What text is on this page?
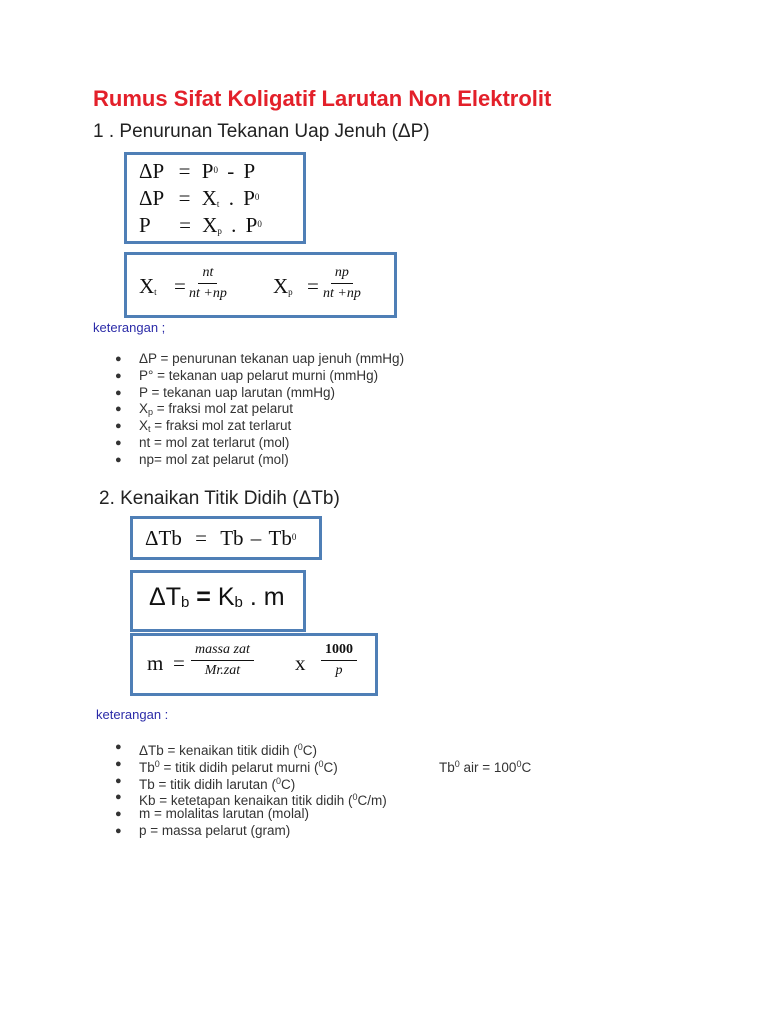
Rumus Sifat Koligatif Larutan Non Elektrolit
1 . Penurunan Tekanan Uap Jenuh (ΔP)
$\Delta P = P^0 - P$
$\Delta P = X_t$ . $P^0$
$P = X_p$ . $P^0$
$X_t = \frac{nt}{nt +np} X_p = \frac{np}{nt +np}$
keterangan ;
● ΔP = penurunan tekanan uap jenuh (mmHg)
● P° = tekanan uap pelarut murni (mmHg)
● P = tekanan uap larutan (mmHg)
● $X_p$ = fraksi mol zat pelarut
● $X_t$ = fraksi mol zat terlarut
● nt = mol zat terlarut (mol)
● np= mol zat pelarut (mol)
2. Kenaikan Titik Didih (ΔTb)
ΔTb = Tb – Tb$^0$
$\Delta T_b = K_b$ . m
m =
massa zat
Mr.zat	x $\frac{1000}{p}$
keterangan :
● ΔTb = kenaikan titik didih ($^0$C)
● $Tb^0$ = titik didih pelarut murni ($^0$C)	Tb$^0$ air = $100^0C$
● Tb = titik didih larutan ($^0$C)
● Kb = ketetapan kenaikan titik didih ($^0$C/m)
● m = molalitas larutan (molal)
● p = massa pelarut (gram)
